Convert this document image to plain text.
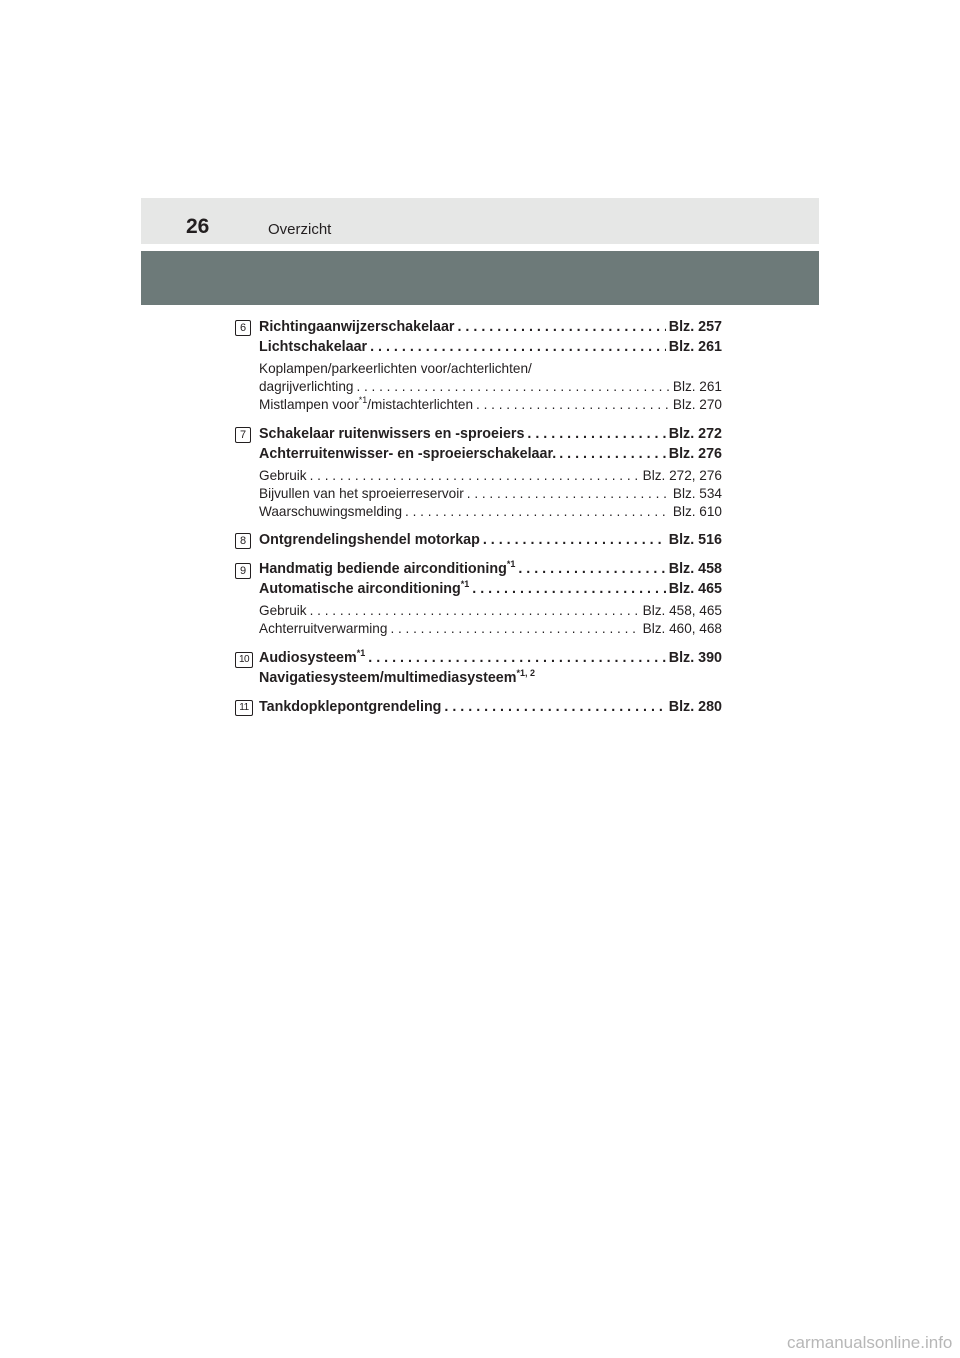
26	Overzicht
6 Richtingaanwijzerschakelaar . . .	Blz. 257
Lichtschakelaar . . .	Blz. 261
Koplampen/parkeerlichten voor/achterlichten/
dagrijverlichting . . .	Blz. 261
Mistlampen voor$^{*1}$/mistachterlichten . . .	Blz. 270
7 Schakelaar ruitenwissers en -sproeiers . . .	Blz. 272
Achterruitenwisser- en -sproeierschakelaar. . . .	Blz. 276
Gebruik . . .	Blz. 272, 276
Bijvullen van het sproeierreservoir . . .	Blz. 534
Waarschuwingsmelding . . .	Blz. 610
8 Ontgrendelingshendel motorkap . . .	Blz. 516
9 Handmatig bediende airconditioning$^{*1}$ . . .	Blz. 458
Automatische airconditioning$^{*1}$ . . .	Blz. 465
Gebruik . . .	Blz. 458, 465
Achterruitverwarming . . .	Blz. 460, 468
10 Audiosysteem$^{*1}$ . . .	Blz. 390
Navigatiesysteem/multimediasysteem$^{*1, 2}$
11 Tankdopklepontgrendeling . . .	Blz. 280
carmanualsonline.info
